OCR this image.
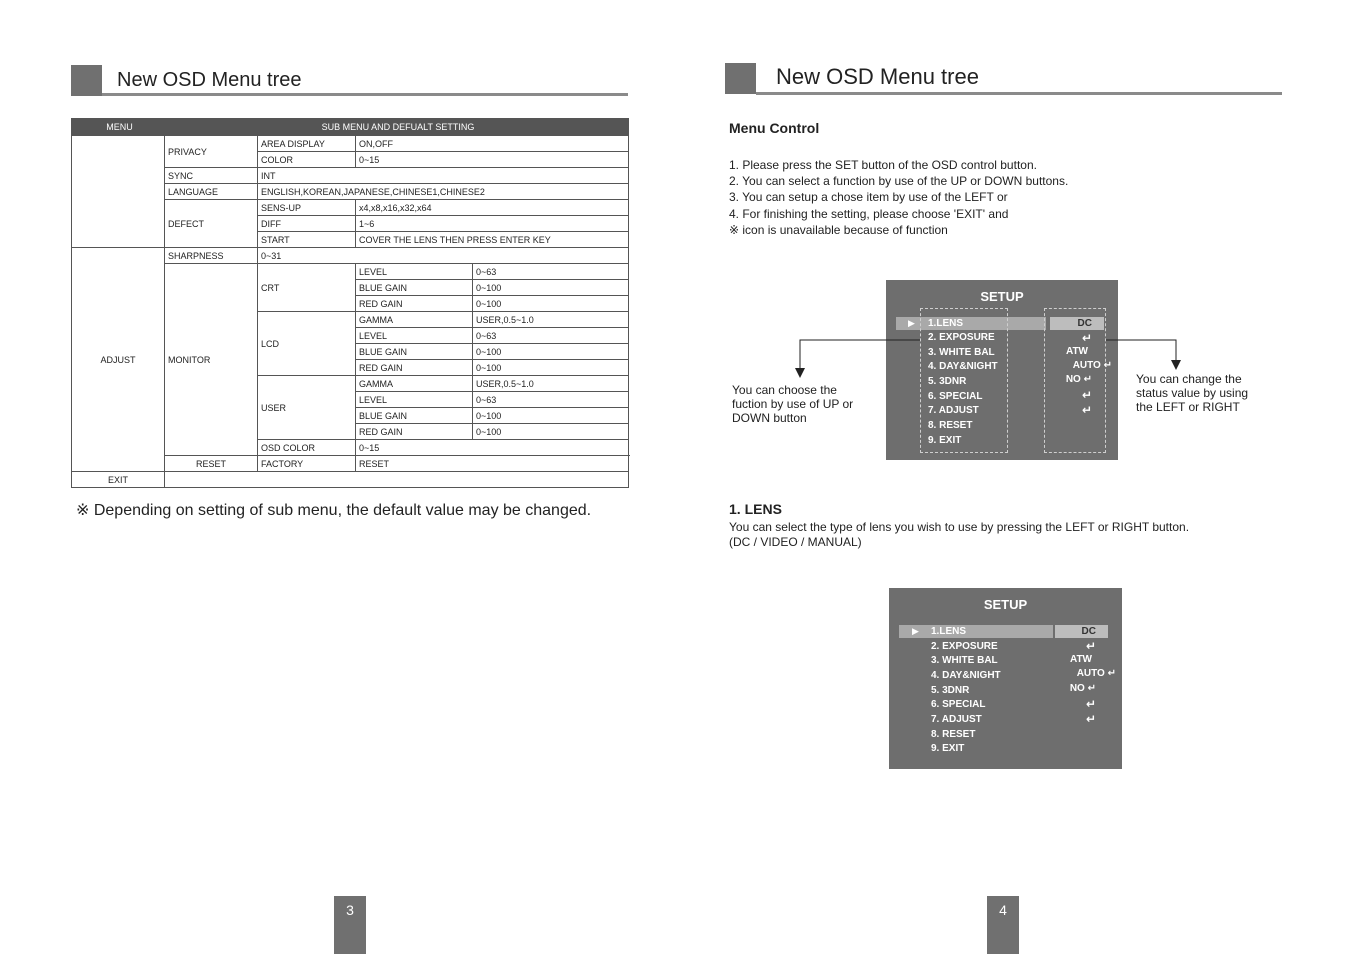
New OSD Menu tree
MENU	SUB MENU AND DEFUALT SETTING			
	PRIVACY	AREA DISPLAY	ON,OFF	
		COLOR	0~15	
	SYNC	INT		
	LANGUAGE	ENGLISH,KOREAN,JAPANESE,CHINESE1,CHINESE2		
	DEFECT	SENS-UP	x4,x8,x16,x32,x64	
		DIFF	1~6	
		START	COVER THE LENS THEN PRESS ENTER KEY	
ADJUST	SHARPNESS	0~31		
	MONITOR	CRT	LEVEL	0~63
			BLUE GAIN	0~100
			RED GAIN	0~100
		LCD	GAMMA	USER,0.5~1.0
			LEVEL	0~63
			BLUE GAIN	0~100
			RED GAIN	0~100
		USER	GAMMA	USER,0.5~1.0
			LEVEL	0~63
			BLUE GAIN	0~100
			RED GAIN	0~100
		OSD COLOR	0~15	
	RESET	FACTORY	RESET	
EXIT				
※ Depending on setting of sub menu, the default value may be changed.
3
New OSD Menu tree
Menu Control
1. Please press the SET button of the OSD control button.
2. You can select a function by use of the UP or DOWN buttons.
3. You can setup a chose item by use of the LEFT or
4. For finishing the setting, please choose 'EXIT' and
※ icon is unavailable because of function
SETUP
▶ 1.LENS
2. EXPOSURE
3. WHITE BAL
4. DAY&NIGHT
5. 3DNR
6. SPECIAL
7. ADJUST
8. RESET
9. EXIT
DC
↵
ATW
AUTO ↵
NO ↵
↵
↵
You can choose the fuction by use of UP or DOWN button
You can change the status value by using the LEFT or RIGHT
1. LENS
You can select the type of lens you wish to use by pressing the LEFT or RIGHT button.
(DC / VIDEO / MANUAL)
SETUP
▶ 1.LENS
2. EXPOSURE
3. WHITE BAL
4. DAY&NIGHT
5. 3DNR
6. SPECIAL
7. ADJUST
8. RESET
9. EXIT
DC
↵
ATW
AUTO ↵
NO ↵
↵
↵
4
